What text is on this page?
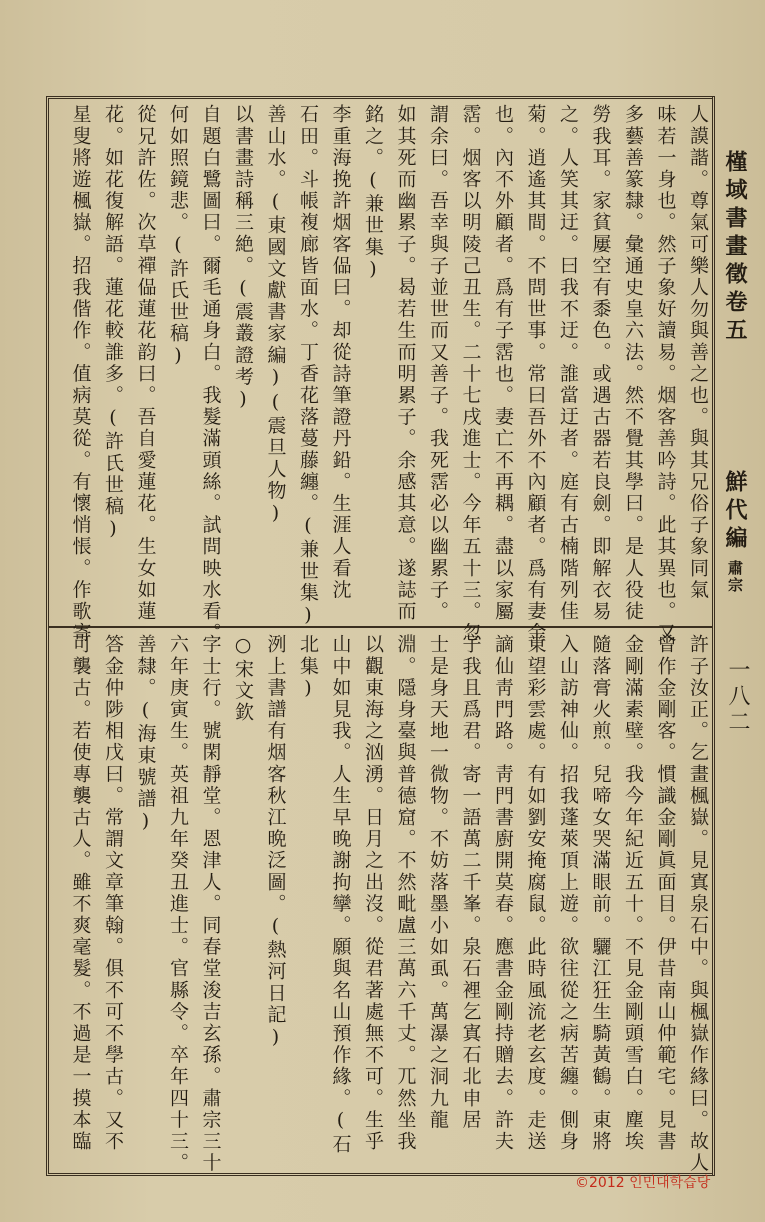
槿域書畫徵卷五
鮮代編
肅宗
一八二
人謨諧。尊氣可樂人勿與善之也。與其兄俗子象同氣
味若一身也。然子象好讀易。烟客善吟詩。此其異也。又
多藝善篆隸。彙通史皇六法。然不覺其學曰。是人役徒
勞我耳。家貧屢空有黍色。或遇古器若良劍。即解衣易
之。人笑其迂。曰我不迂。誰當迂者。庭有古楠階列佳
菊。逍遙其間。不問世事。常曰吾外不內顧者。爲有妻金
也。內不外顧者。爲有子霑也。妻亡不再耦。盡以家屬
霑。烟客以明陵己丑生。二十七戌進士。今年五十三。忽
謂余曰。吾幸與子並世而又善子。我死霑必以幽累子。
如其死而幽累子。曷若生而明累子。余感其意。遂誌而
銘之。(兼世集)
李重海挽許烟客偘曰。却從詩筆證丹鉛。生涯人看沈
石田。斗帳複廊皆面水。丁香花落蔓藤纏。(兼世集)
善山水。(東國文獻書家編)(震旦人物)
以書畫詩稱三絶。(震叢證考)
自題白鷺圖曰。爾毛通身白。我髮滿頭絲。試問映水看。
何如照鏡悲。(許氏世稿)
從兄許佐。次草禪偘蓮花韵曰。吾自愛蓮花。生女如蓮
花。如花復解語。蓮花較誰多。(許氏世稿)
星叟將遊楓嶽。招我偕作。值病莫從。有懷悄悵。作歌寄
許子汝正。乞畫楓嶽。見寘泉石中。與楓嶽作緣曰。故人
曾作金剛客。慣識金剛眞面目。伊昔南山仲範宅。見書
金剛滿素壁。我今年紀近五十。不見金剛頭雪白。塵埃
隨落膏火煎。兒啼女哭滿眼前。驪江狂生騎黃鶴。東將
入山訪神仙。招我蓬萊頂上遊。欲往從之病苦纏。側身
東望彩雲處。有如劉安掩腐鼠。此時風流老玄度。走送
謫仙靑門路。靑門書廚開莫春。應書金剛持贈去。許夫
子我且爲君。寄一語萬二千峯。泉石裡乞寘石北申居
士是身天地一微物。不妨落墨小如虱。萬瀑之洞九龍
淵。隱身臺與普德窟。不然毗盧三萬六千丈。兀然坐我
以觀東海之汹湧。日月之出沒。從君著處無不可。生乎
山中如見我。人生早晚謝拘攣。願與名山預作緣。(石
北集)
洌上書譜有烟客秋江晩泛圖。(熱河日記)
○宋文欽
字士行。號閑靜堂。恩津人。同春堂浚吉玄孫。肅宗三十
六年庚寅生。英祖九年癸丑進士。官縣令。卒年四十三。
善隸。(海東號譜)
答金仲陟相戊曰。常謂文章筆翰。俱不可不學古。又不
可襲古。若使專襲古人。雖不爽毫髮。不過是一摸本臨
©2012 인민대학습당
